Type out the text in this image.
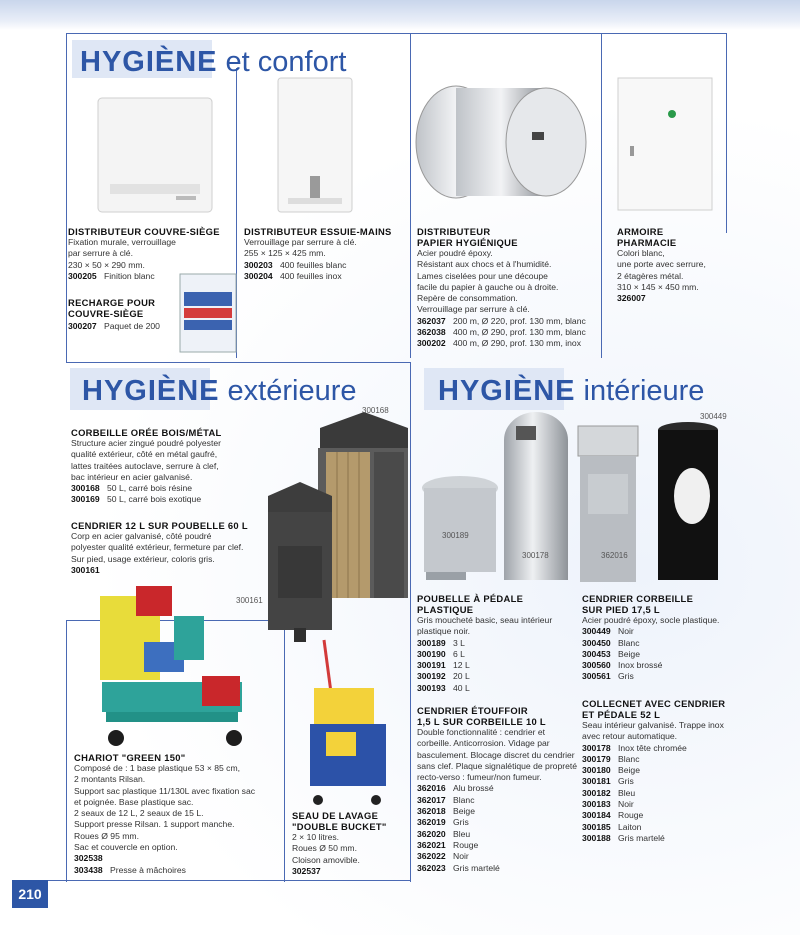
HYGIÈNE et confort
HYGIÈNE extérieure	HYGIÈNE intérieure
300168
300161
300449
300189
300178	362016
DISTRIBUTEUR COUVRE-SIÈGE

Fixation murale, verrouillage

par serrure à clé.

230 × 50 × 290 mm.

300205 Finition blanc

RECHARGE POUR
COUVRE-SIÈGE

300207 Paquet de 200

DISTRIBUTEUR ESSUIE-MAINS

Verrouillage par serrure à clé.

255 × 125 × 425 mm.

300203 400 feuilles blanc

300204 400 feuilles inox

DISTRIBUTEUR
PAPIER HYGIÉNIQUE

Acier poudré époxy.

Résistant aux chocs et à l'humidité.

Lames ciselées pour une découpe

facile du papier à gauche ou à droite.

Repère de consommation.

Verrouillage par serrure à clé.

362037 200 m, Ø 220, prof. 130 mm, blanc

362038 400 m, Ø 290, prof. 130 mm, blanc

300202 400 m, Ø 290, prof. 130 mm, inox

ARMOIRE
PHARMACIE

Colori blanc,

une porte avec serrure,

2 étagères métal.

310 × 145 × 450 mm.

326007

CORBEILLE ORÉE BOIS/MÉTAL

Structure acier zingué poudré polyester

qualité extérieur, côté en métal gaufré,

lattes traitées autoclave, serrure à clef,

bac intérieur en acier galvanisé.

300168 50 L, carré bois résine

300169 50 L, carré bois exotique

CENDRIER 12 L SUR POUBELLE 60 L

Corp en acier galvanisé, côté poudré

polyester qualité extérieur, fermeture par clef.

Sur pied, usage extérieur, coloris gris.

300161

CHARIOT "GREEN 150"

Composé de : 1 base plastique 53 × 85 cm,

2 montants Rilsan.

Support sac plastique 11/130L avec fixation sac

et poignée. Base plastique sac.

2 seaux de 12 L, 2 seaux de 15 L.

Support presse Rilsan. 1 support manche.

Roues Ø 95 mm.

Sac et couvercle en option.

302538

303438 Presse à mâchoires

SEAU DE LAVAGE
"DOUBLE BUCKET"

2 × 10 litres.

Roues Ø 50 mm.

Cloison amovible.

302537

POUBELLE À PÉDALE
PLASTIQUE

Gris moucheté basic, seau intérieur

plastique noir.

300189 3 L

300190 6 L

300191 12 L

300192 20 L

300193 40 L

CENDRIER ÉTOUFFOIR
1,5 L SUR CORBEILLE 10 L

Double fonctionnalité : cendrier et

corbeille. Anticorrosion. Vidage par

basculement. Blocage discret du cendrier

sans clef. Plaque signalétique de propreté

recto-verso : fumeur/non fumeur.

362016 Alu brossé

362017 Blanc

362018 Beige

362019 Gris

362020 Bleu

362021 Rouge

362022 Noir

362023 Gris martelé

CENDRIER CORBEILLE
SUR PIED 17,5 L

Acier poudré époxy, socle plastique.

300449 Noir

300450 Blanc

300453 Beige

300560 Inox brossé

300561 Gris

COLLECNET AVEC CENDRIER
ET PÉDALE 52 L

Seau intérieur galvanisé. Trappe inox

avec retour automatique.

300178 Inox tête chromée

300179 Blanc

300180 Beige

300181 Gris

300182 Bleu

300183 Noir

300184 Rouge

300185 Laiton

300188 Gris martelé

210
